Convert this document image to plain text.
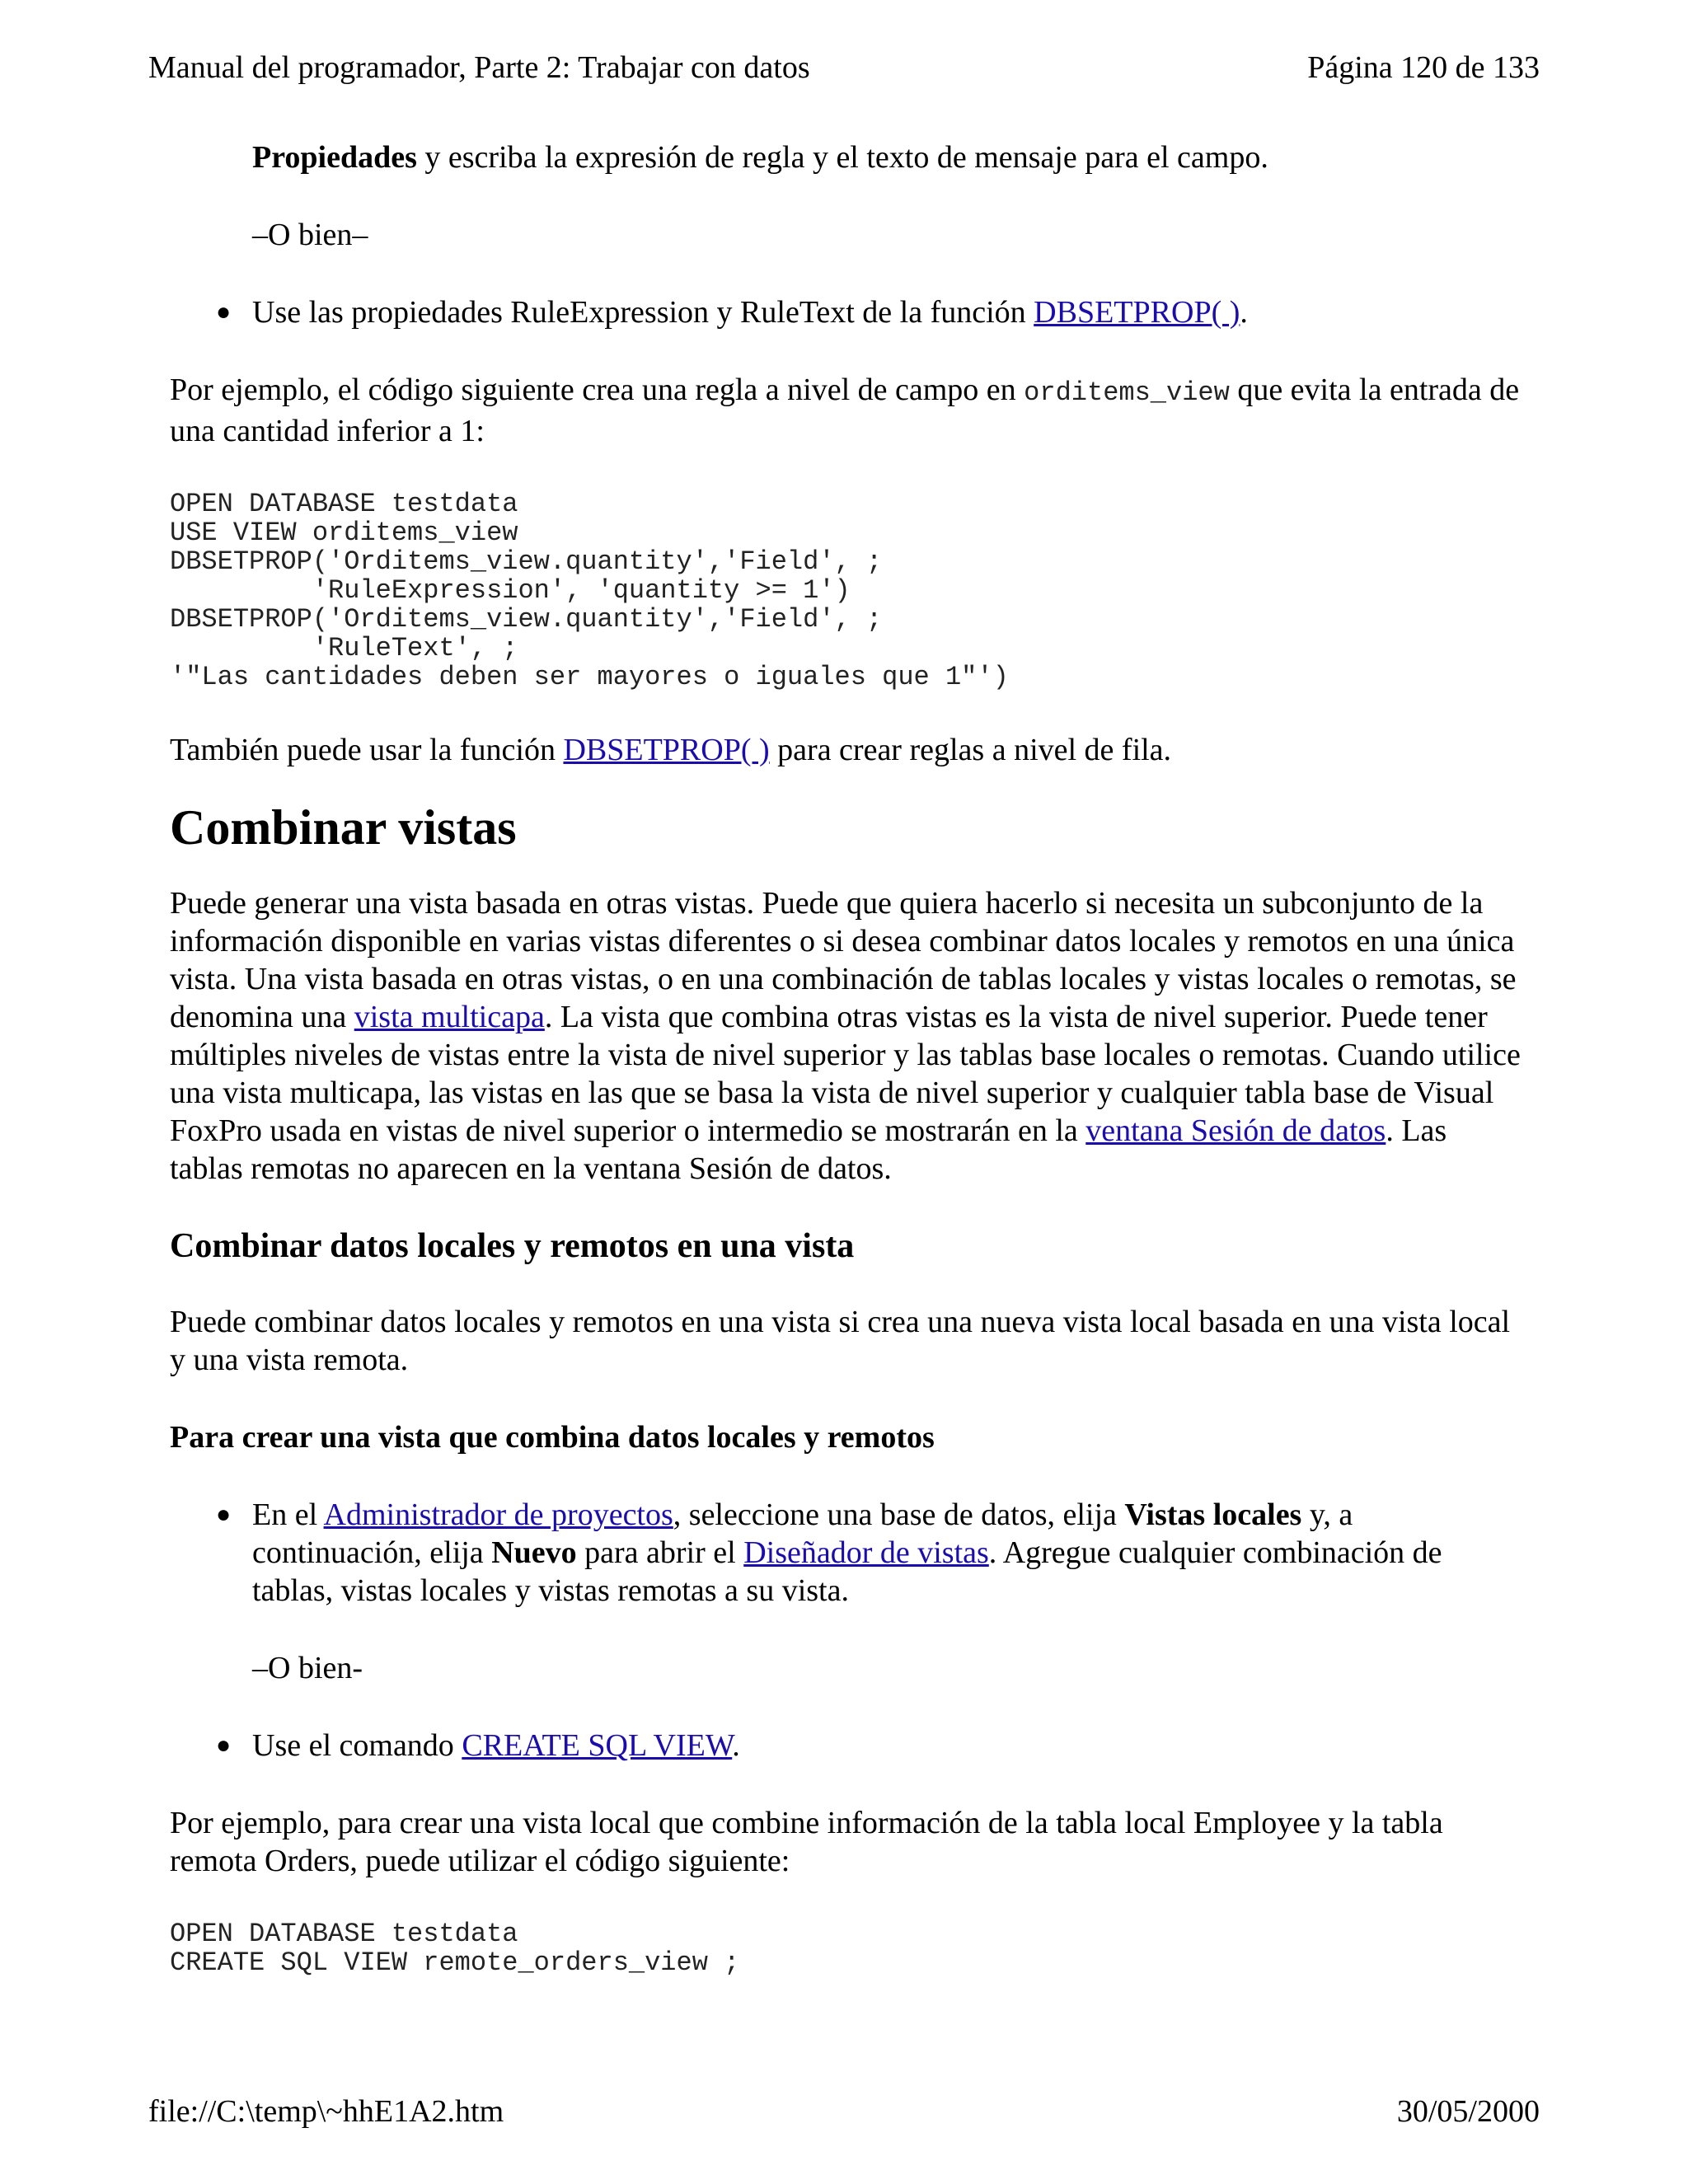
Manual del programador, Parte 2: Trabajar con datos	Página 120 de 133

Propiedades y escriba la expresión de regla y el texto de mensaje para el campo.

–O bien–

● Use las propiedades RuleExpression y RuleText de la función DBSETPROP( ).

Por ejemplo, el código siguiente crea una regla a nivel de campo en orditems_view que evita la entrada de una cantidad inferior a 1:

OPEN DATABASE testdata
USE VIEW orditems_view
DBSETPROP('Orditems_view.quantity','Field', ;
'RuleExpression', 'quantity >= 1')
DBSETPROP('Orditems_view.quantity','Field', ;
'RuleText', ;
'"Las cantidades deben ser mayores o iguales que 1"')

También puede usar la función DBSETPROP( ) para crear reglas a nivel de fila.

Combinar vistas

Puede generar una vista basada en otras vistas. Puede que quiera hacerlo si necesita un subconjunto de la información disponible en varias vistas diferentes o si desea combinar datos locales y remotos en una única vista. Una vista basada en otras vistas, o en una combinación de tablas locales y vistas locales o remotas, se denomina una vista multicapa. La vista que combina otras vistas es la vista de nivel superior. Puede tener múltiples niveles de vistas entre la vista de nivel superior y las tablas base locales o remotas. Cuando utilice una vista multicapa, las vistas en las que se basa la vista de nivel superior y cualquier tabla base de Visual FoxPro usada en vistas de nivel superior o intermedio se mostrarán en la ventana Sesión de datos. Las tablas remotas no aparecen en la ventana Sesión de datos.

Combinar datos locales y remotos en una vista

Puede combinar datos locales y remotos en una vista si crea una nueva vista local basada en una vista local y una vista remota.

Para crear una vista que combina datos locales y remotos

● En el Administrador de proyectos, seleccione una base de datos, elija Vistas locales y, a continuación, elija Nuevo para abrir el Diseñador de vistas. Agregue cualquier combinación de tablas, vistas locales y vistas remotas a su vista.

–O bien-

● Use el comando CREATE SQL VIEW.

Por ejemplo, para crear una vista local que combine información de la tabla local Employee y la tabla remota Orders, puede utilizar el código siguiente:

OPEN DATABASE testdata
CREATE SQL VIEW remote_orders_view ;
file://C:\temp\~hhE1A2.htm	30/05/2000
